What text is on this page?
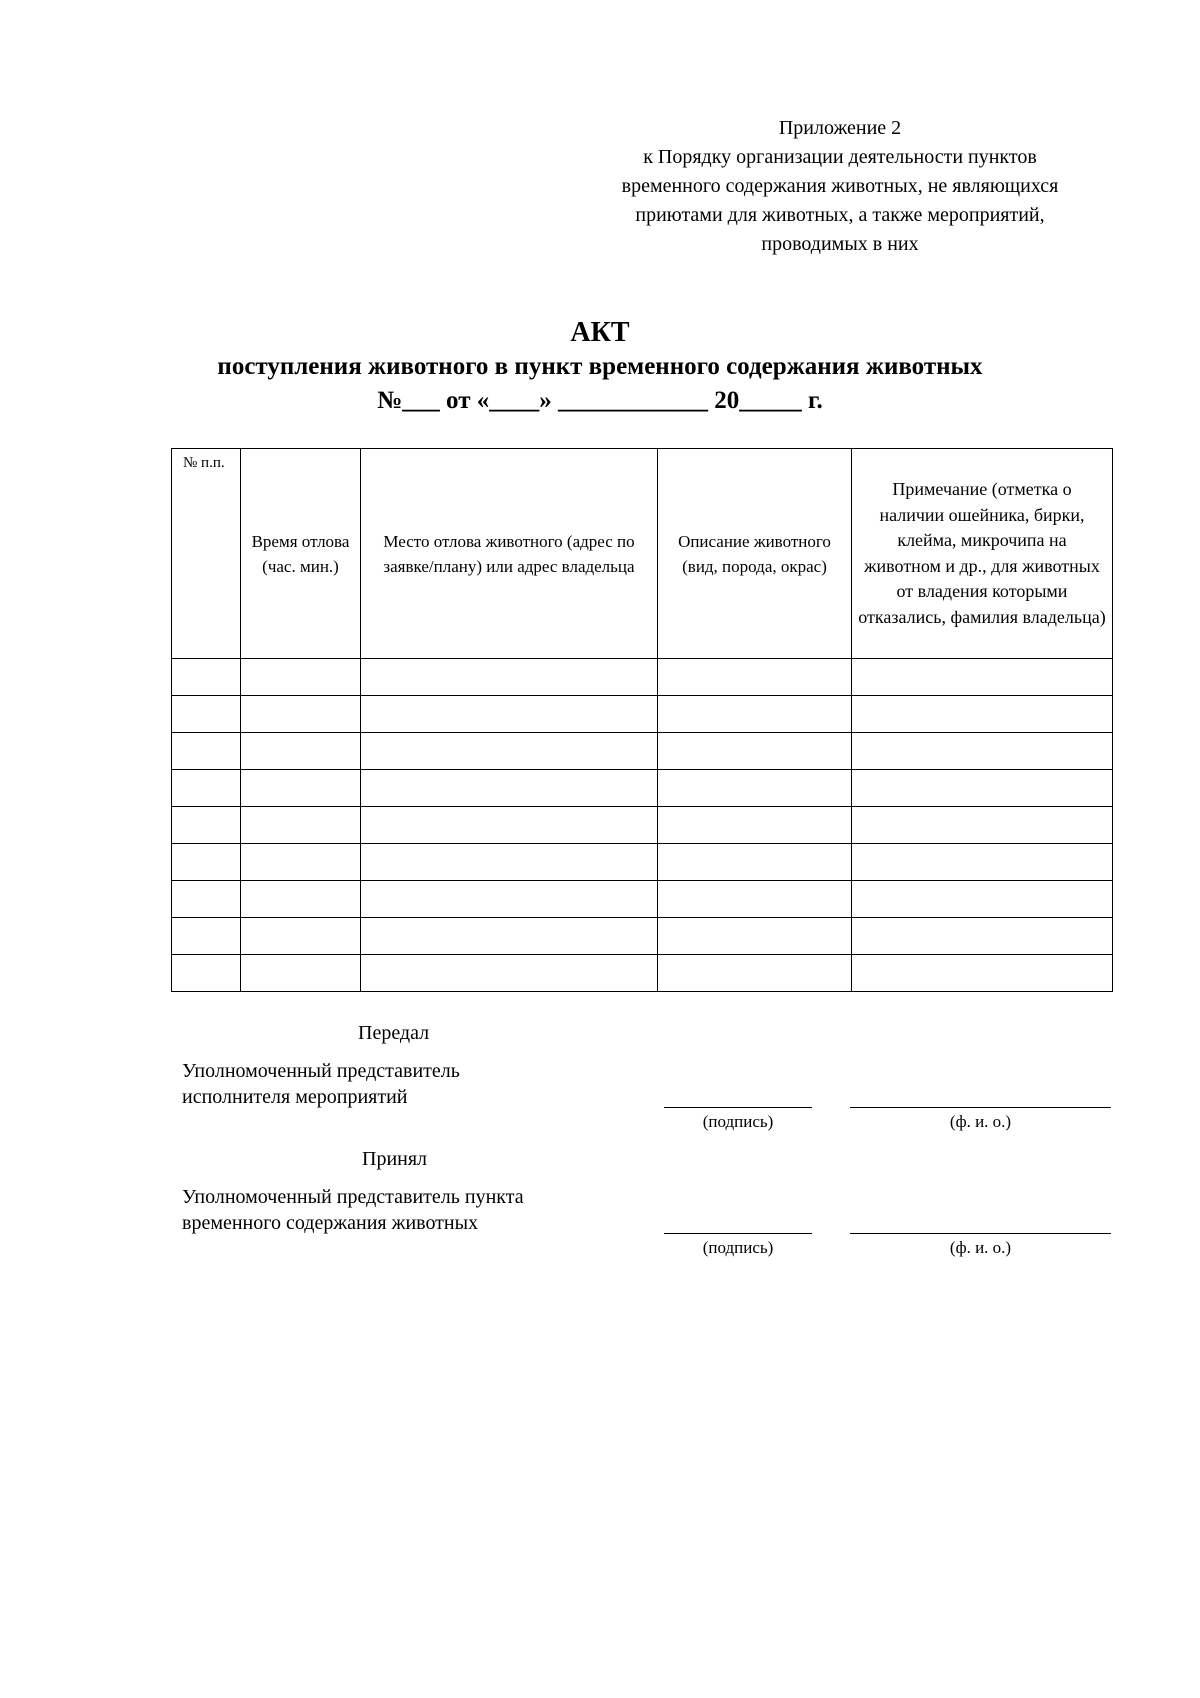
Приложение 2
к Порядку организации деятельности пунктов
временного содержания животных, не являющихся
приютами для животных, а также мероприятий,
проводимых в них
АКТ
поступления животного в пункт временного содержания животных
№___ от «____» ____________ 20_____ г.
№ п.п.	Время отлова (час. мин.)	Место отлова животного (адрес по заявке/плану) или адрес владельца	Описание животного (вид, порода, окрас)	Примечание (отметка о наличии ошейника, бирки, клейма, микрочипа на животном и др., для животных от владения которыми отказались, фамилия владельца)

Передал
Уполномоченный представитель
исполнителя мероприятий
(подпись)	(ф. и. о.)
Принял
Уполномоченный представитель пункта
временного содержания животных
(подпись)	(ф. и. о.)
